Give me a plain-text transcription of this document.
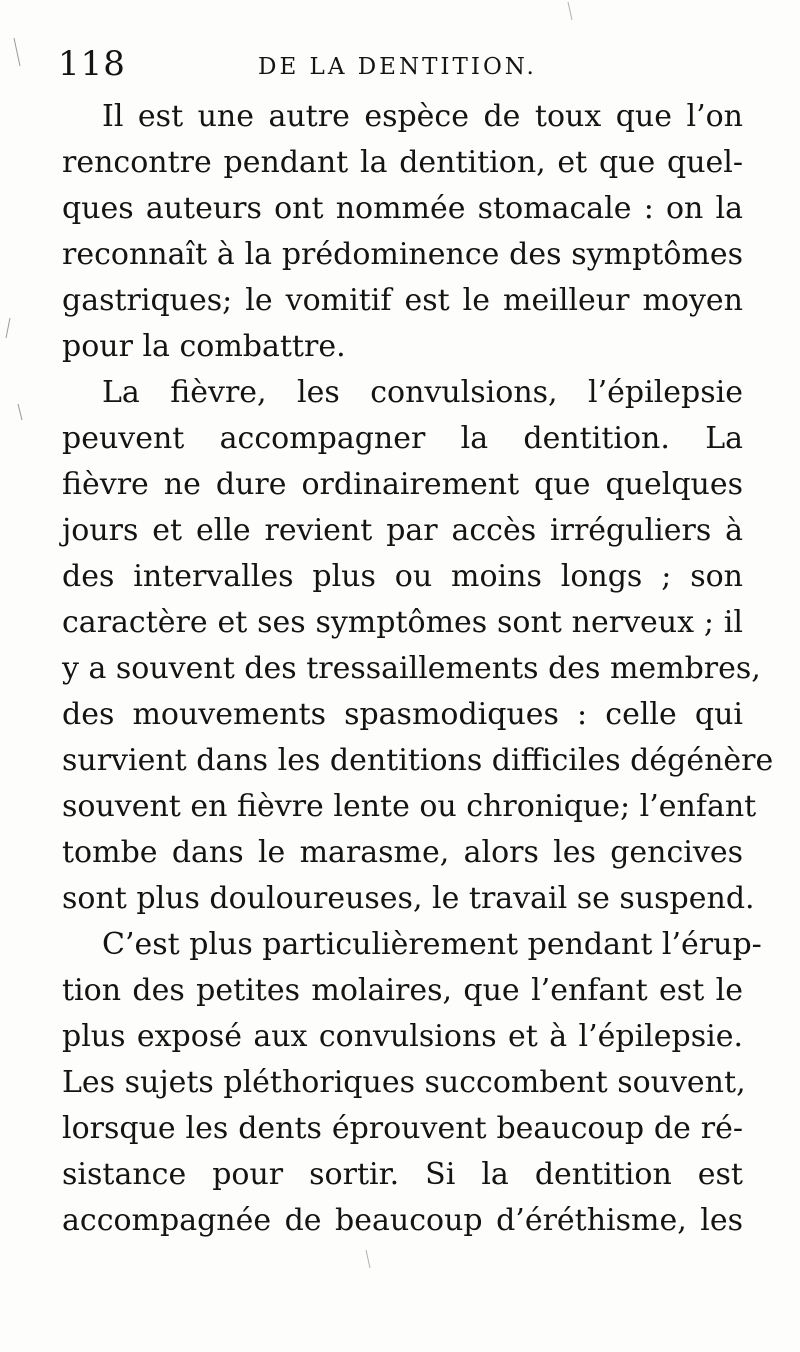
118	DE LA DENTITION.
Il est une autre espèce de toux que l’on
rencontre pendant la dentition, et que quel-
ques auteurs ont nommée stomacale : on la
reconnaît à la prédominence des symptômes
gastriques; le vomitif est le meilleur moyen
pour la combattre.
La fièvre, les convulsions, l’épilepsie
peuvent accompagner la dentition. La
fièvre ne dure ordinairement que quelques
jours et elle revient par accès irréguliers à
des intervalles plus ou moins longs ; son
caractère et ses symptômes sont nerveux ; il
y a souvent des tressaillements des membres,
des mouvements spasmodiques : celle qui
survient dans les dentitions difficiles dégénère
souvent en fièvre lente ou chronique; l’enfant
tombe dans le marasme, alors les gencives
sont plus douloureuses, le travail se suspend.
C’est plus particulièrement pendant l’érup-
tion des petites molaires, que l’enfant est le
plus exposé aux convulsions et à l’épilepsie.
Les sujets pléthoriques succombent souvent,
lorsque les dents éprouvent beaucoup de ré-
sistance pour sortir. Si la dentition est
accompagnée de beaucoup d’éréthisme, les
